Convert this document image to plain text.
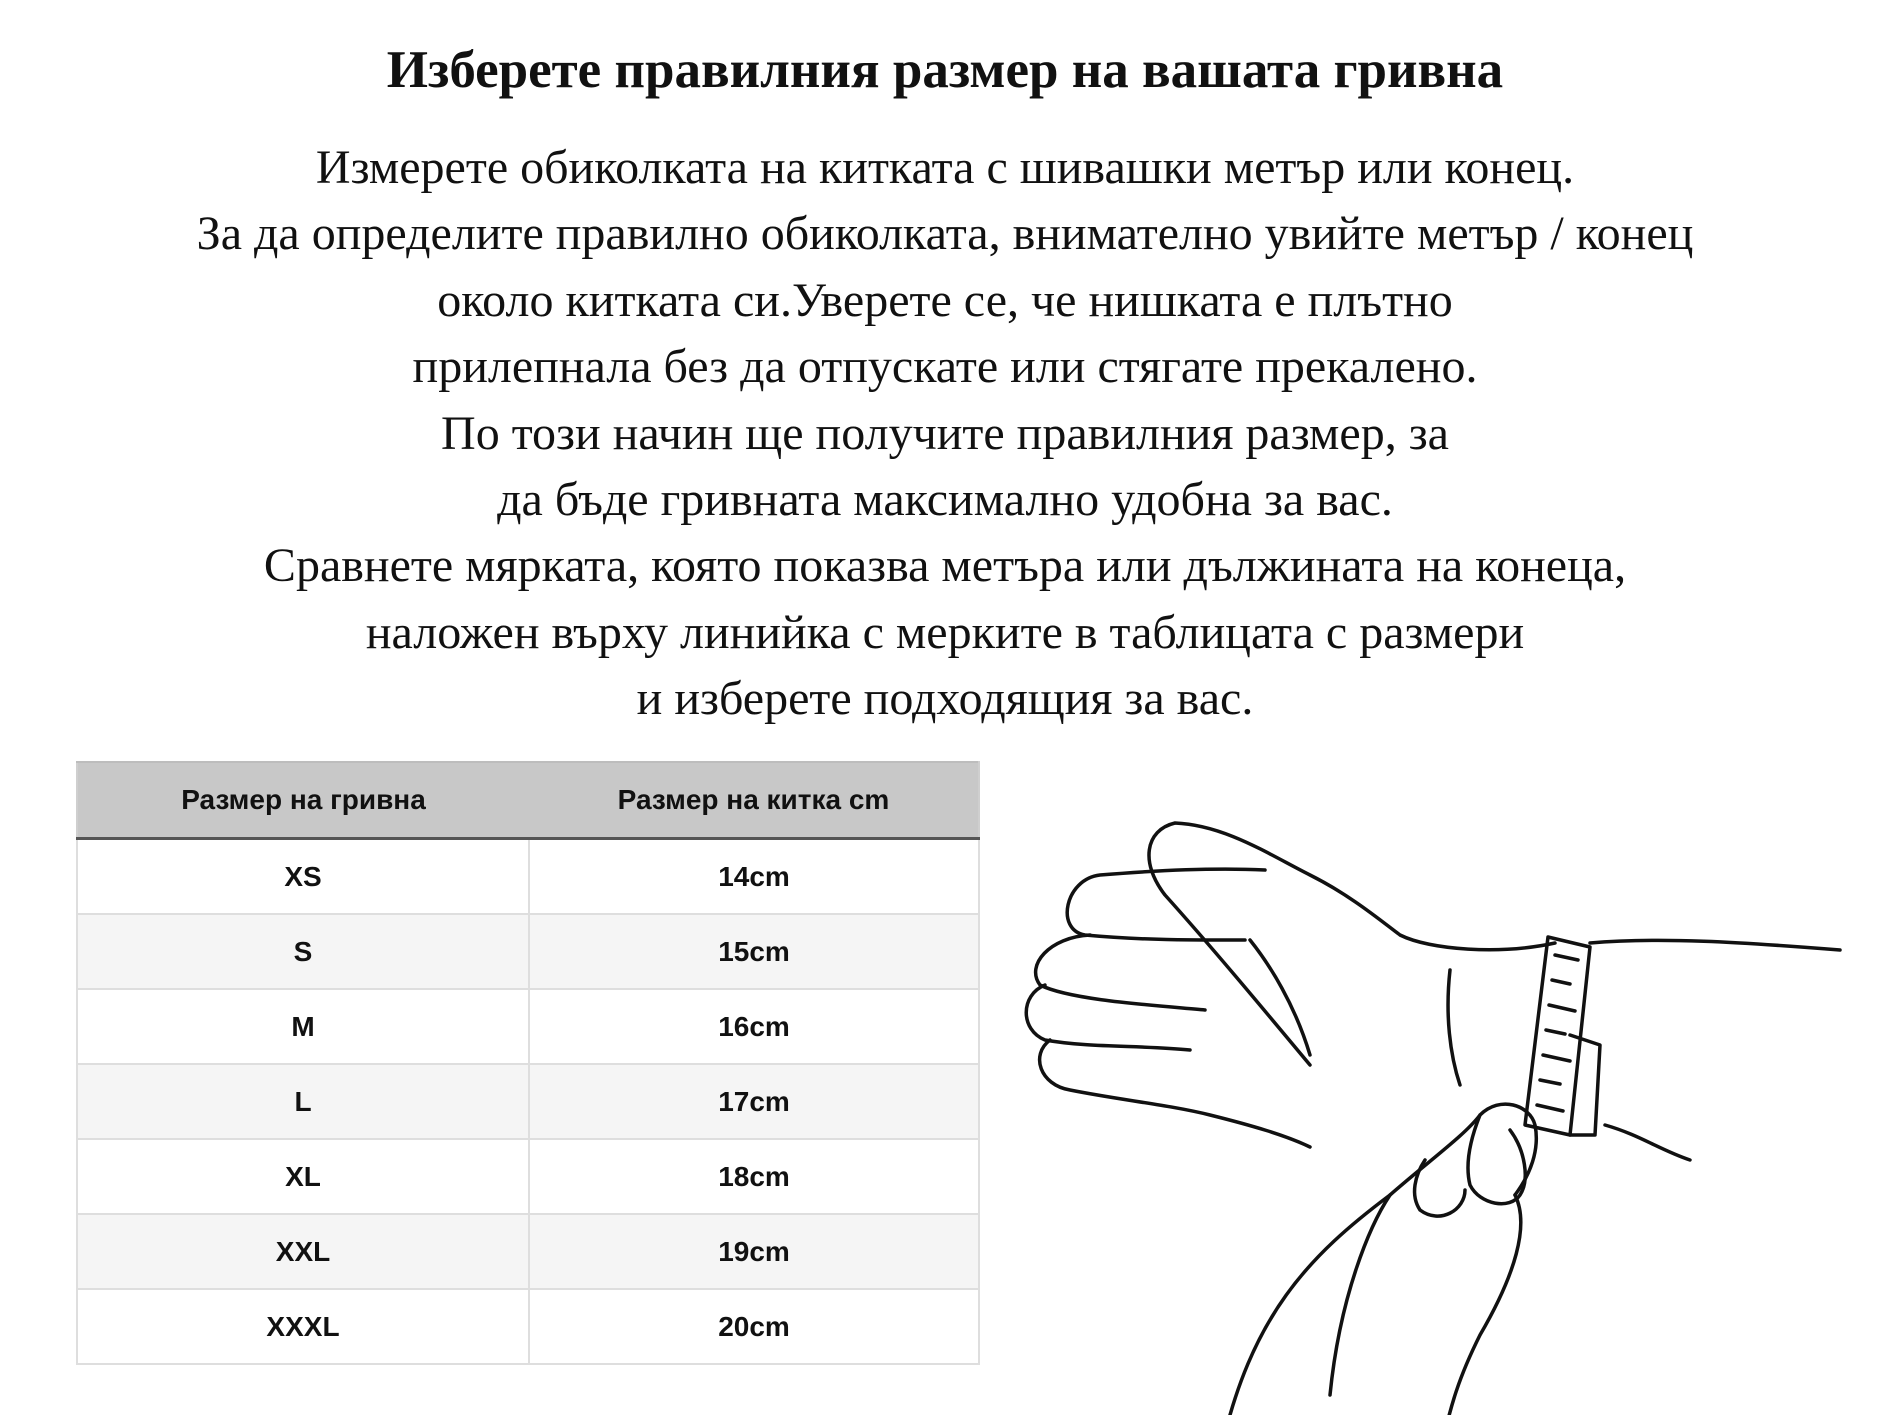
Изберете правилния размер на вашата гривна
Измерете обиколката на китката с шивашки метър или конец.
За да определите правилно обиколката, внимателно увийте метър / конец
около китката си.Уверете се, че нишката е плътно
прилепнала без да отпускате или стягате прекалено.
По този начин ще получите правилния размер, за
да бъде гривната максимално удобна за вас.
Сравнете мярката, която показва метъра или дължината на конеца,
наложен върху линийка с мерките в таблицата с размери
и изберете подходящия за вас.
Размер на гривна	Размер на китка cm
XS	14cm
S	15cm
M	16cm
L	17cm
XL	18cm
XXL	19cm
XXXL	20cm
